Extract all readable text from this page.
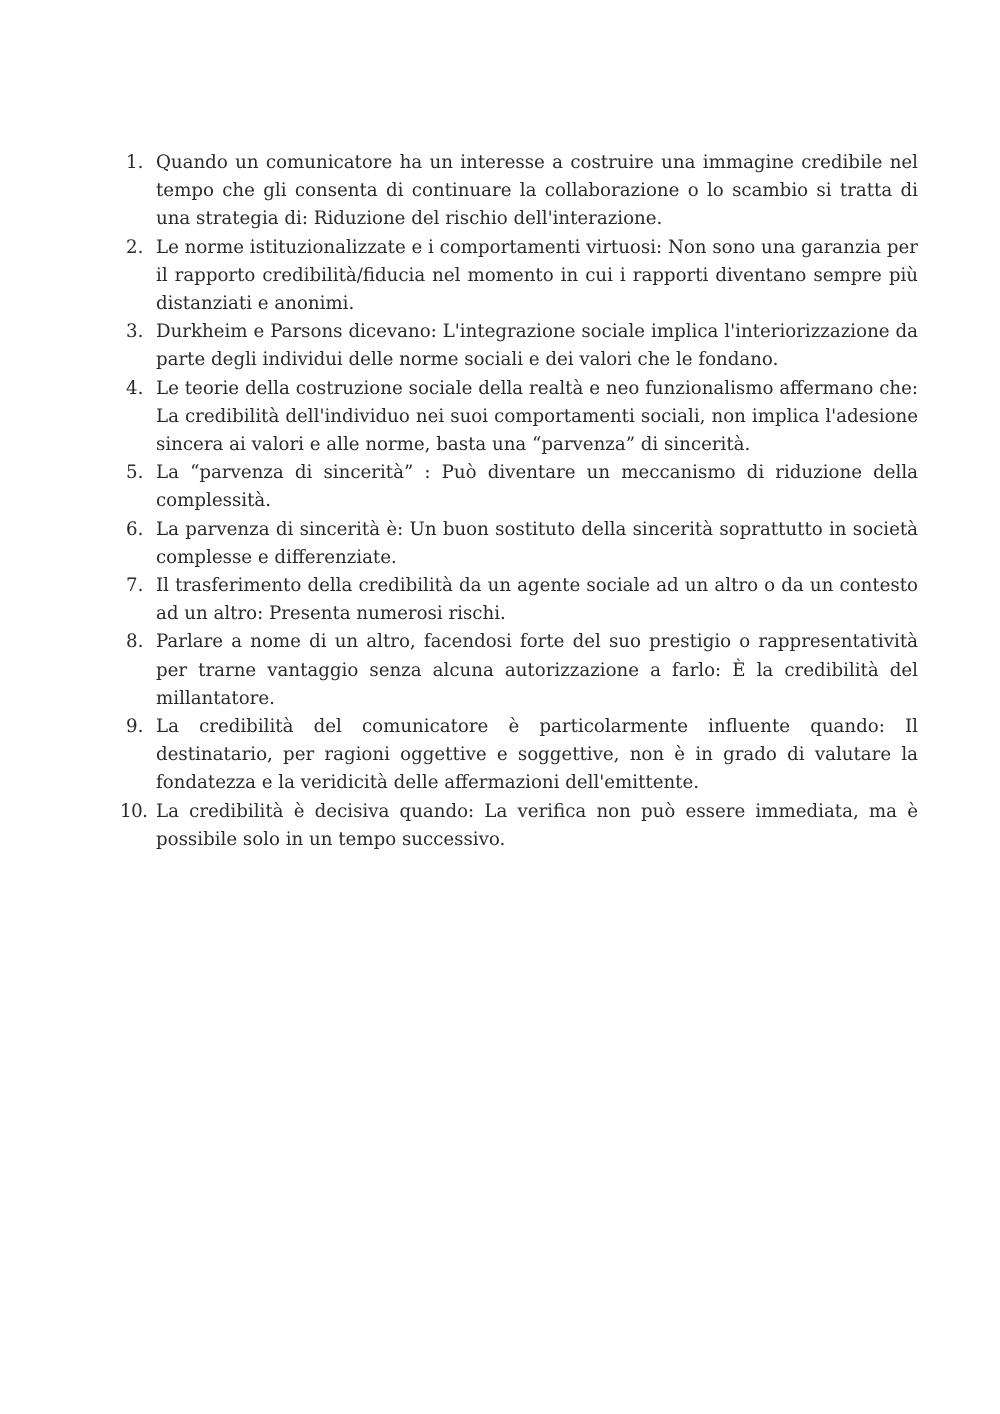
1. Quando un comunicatore ha un interesse a costruire una immagine credibile nel tempo che gli consenta di continuare la collaborazione o lo scambio si tratta di una strategia di: Riduzione del rischio dell'interazione.
2. Le norme istituzionalizzate e i comportamenti virtuosi: Non sono una garanzia per il rapporto credibilità/fiducia nel momento in cui i rapporti diventano sempre più distanziati e anonimi.
3. Durkheim e Parsons dicevano: L'integrazione sociale implica l'interiorizzazione da parte degli individui delle norme sociali e dei valori che le fondano.
4. Le teorie della costruzione sociale della realtà e neo funzionalismo affermano che: La credibilità dell'individuo nei suoi comportamenti sociali, non implica l'adesione sincera ai valori e alle norme, basta una “parvenza” di sincerità.
5. La “parvenza di sincerità” : Può diventare un meccanismo di riduzione della complessità.
6. La parvenza di sincerità è: Un buon sostituto della sincerità soprattutto in società complesse e differenziate.
7. Il trasferimento della credibilità da un agente sociale ad un altro o da un contesto ad un altro: Presenta numerosi rischi.
8. Parlare a nome di un altro, facendosi forte del suo prestigio o rappresentatività per trarne vantaggio senza alcuna autorizzazione a farlo: È la credibilità del millantatore.
9. La credibilità del comunicatore è particolarmente influente quando: Il destinatario, per ragioni oggettive e soggettive, non è in grado di valutare la fondatezza e la veridicità delle affermazioni dell'emittente.
10. La credibilità è decisiva quando: La verifica non può essere immediata, ma è possibile solo in un tempo successivo.
